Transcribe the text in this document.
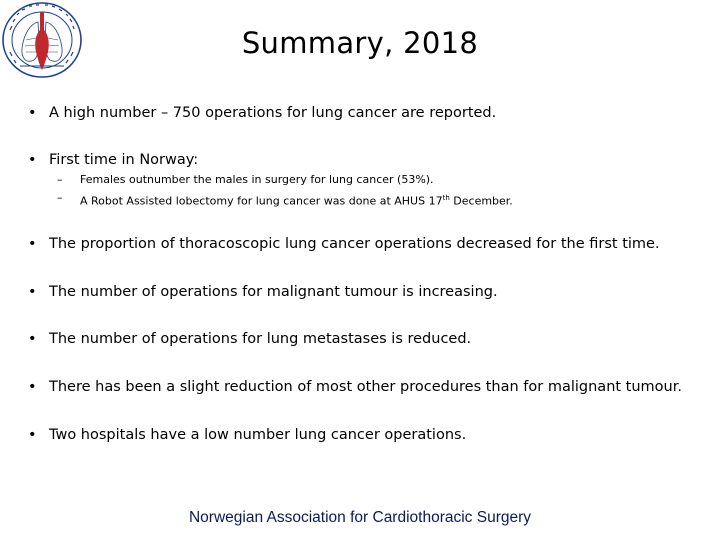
Summary, 2018
• A high number – 750 operations for lung cancer are reported.
• First time in Norway:
– Females outnumber the males in surgery for lung cancer (53%).
– A Robot Assisted lobectomy for lung cancer was done at AHUS 17th December.
• The proportion of thoracoscopic lung cancer operations decreased for the first time.
• The number of operations for malignant tumour is increasing.
• The number of operations for lung metastases is reduced.
• There has been a slight reduction of most other procedures than for malignant tumour.
• Two hospitals have a low number lung cancer operations.
Norwegian Association for Cardiothoracic Surgery
